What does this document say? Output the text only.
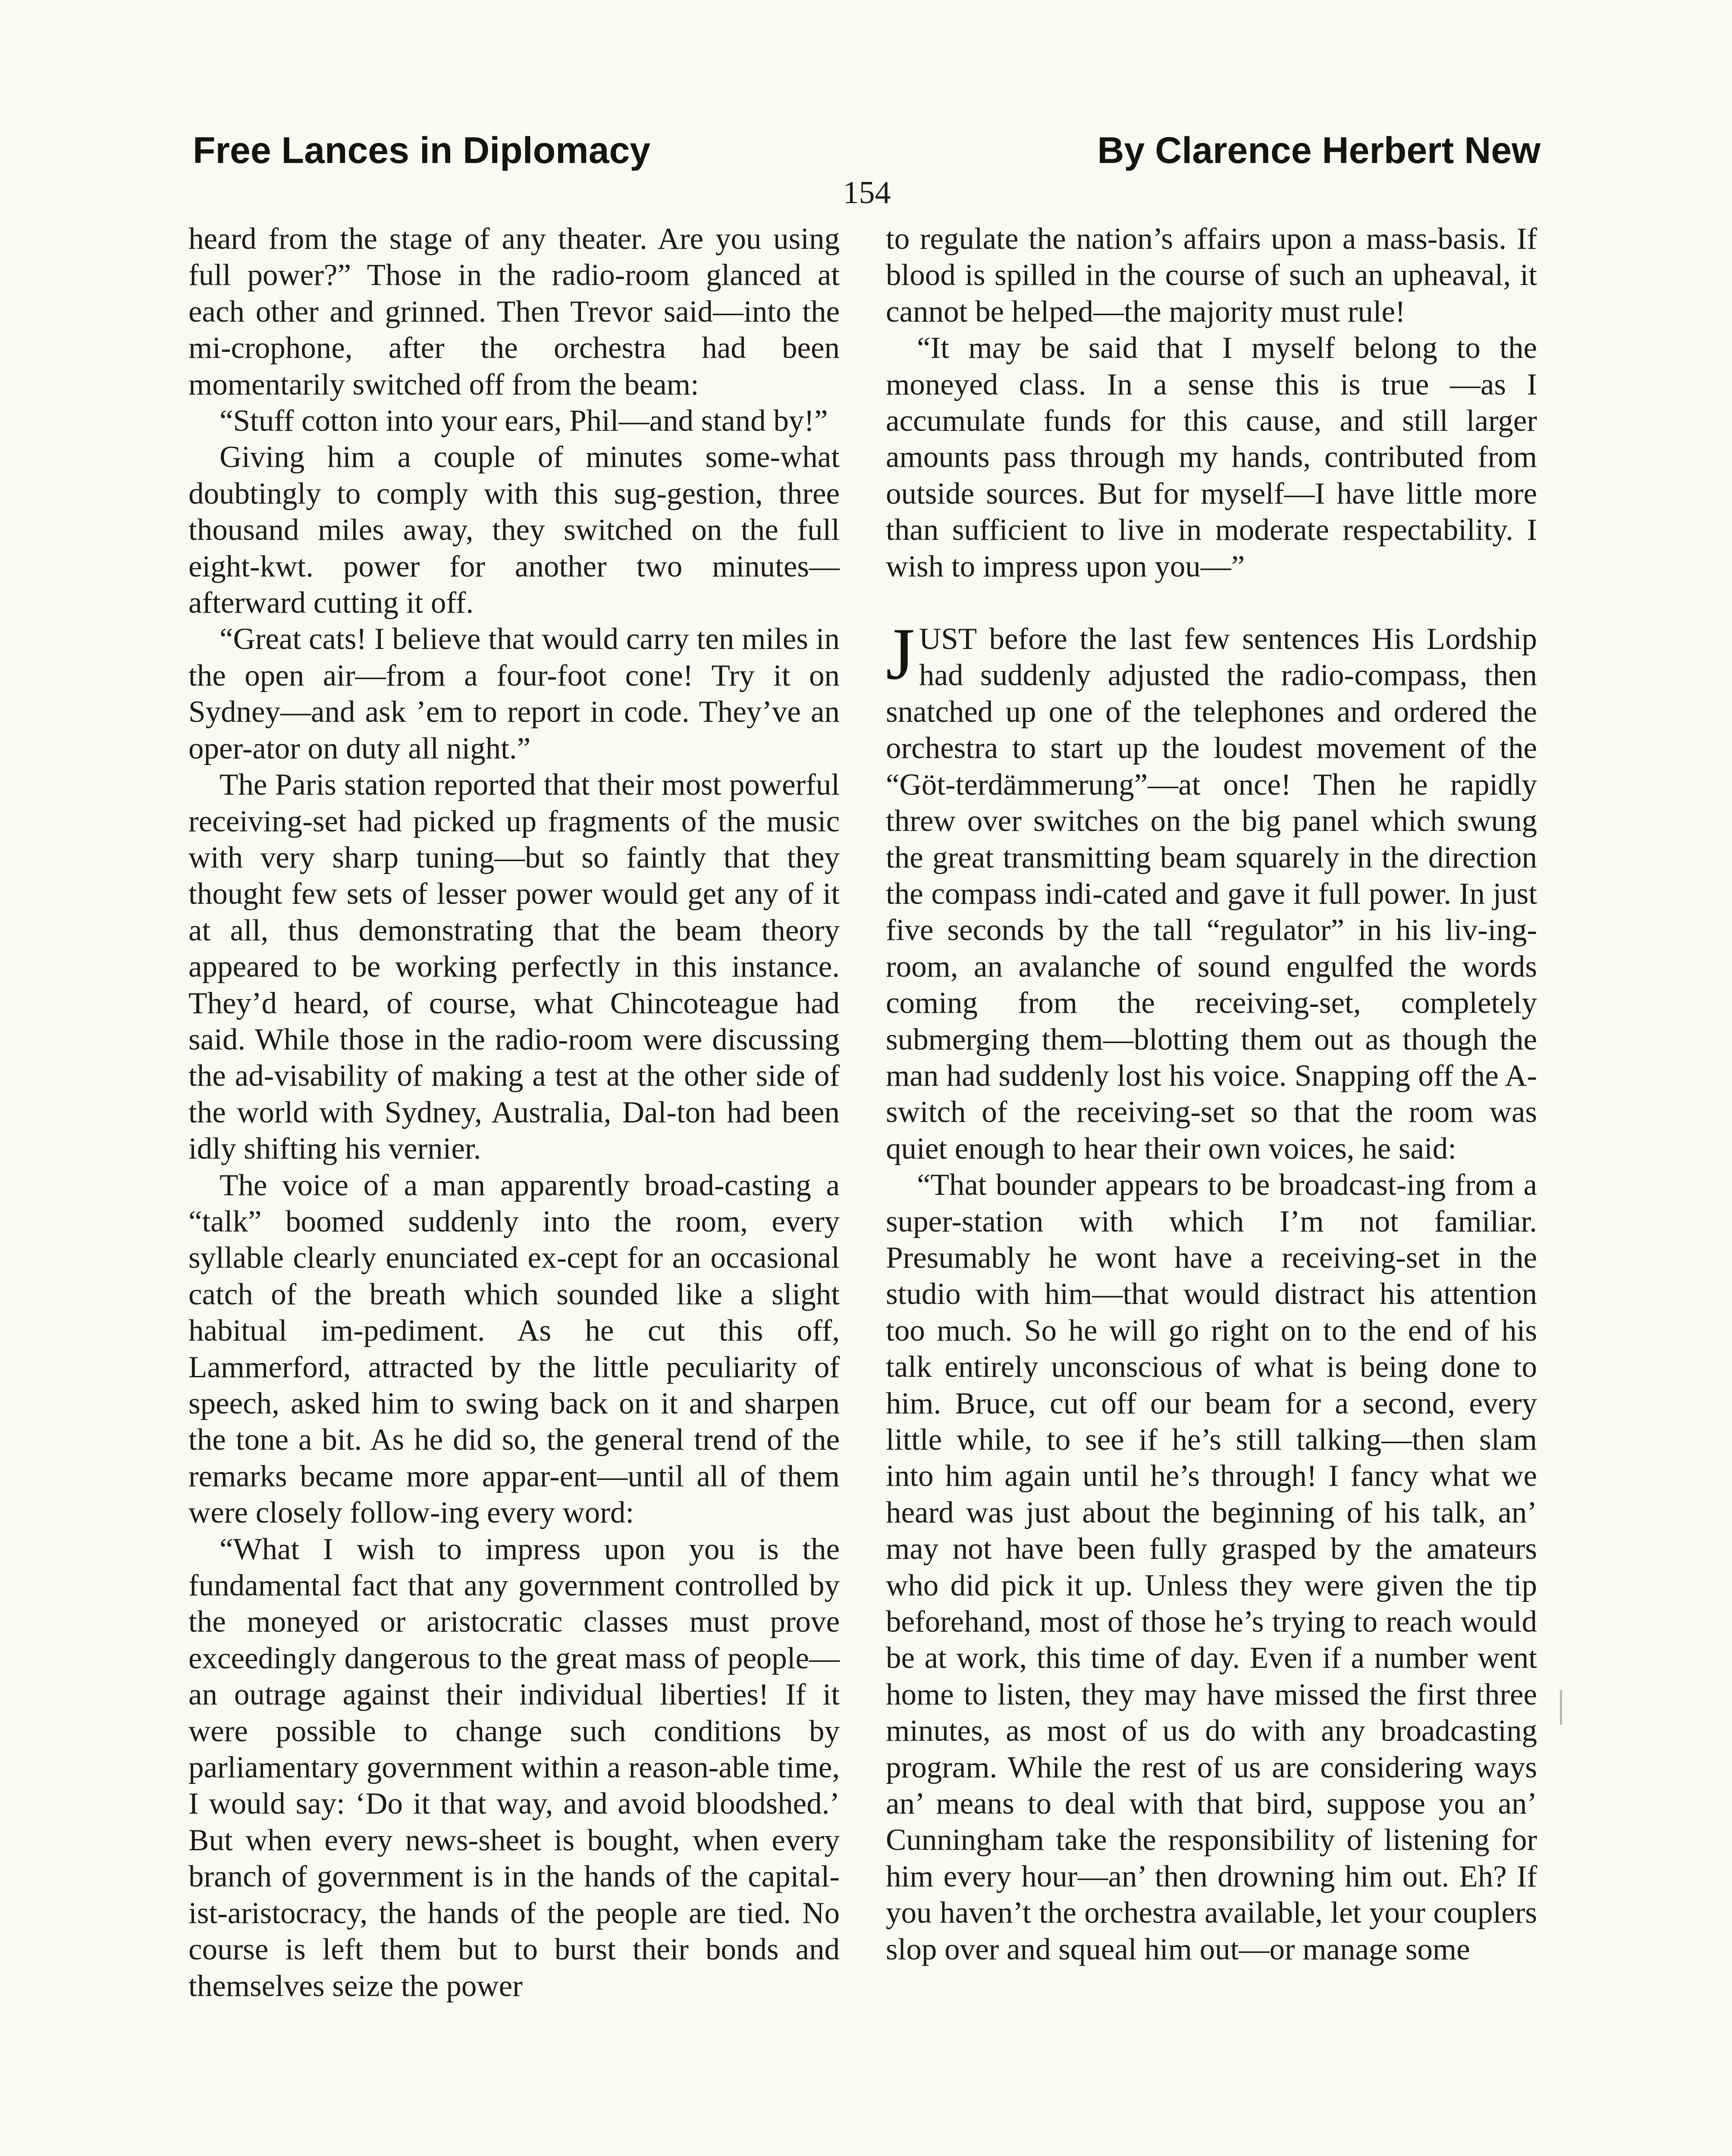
Free Lances in Diplomacy	By Clarence Herbert New
154

heard from the stage of any theater. Are you using full power?” Those in the radio-room glanced at each other and grinned. Then Trevor said—into the mi-crophone, after the orchestra had been momentarily switched off from the beam:

“Stuff cotton into your ears, Phil—and stand by!”

Giving him a couple of minutes some-what doubtingly to comply with this sug-gestion, three thousand miles away, they switched on the full eight-kwt. power for another two minutes—afterward cutting it off.

“Great cats! I believe that would carry ten miles in the open air—from a four-foot cone! Try it on Sydney—and ask ’em to report in code. They’ve an oper-ator on duty all night.”

The Paris station reported that their most powerful receiving-set had picked up fragments of the music with very sharp tuning—but so faintly that they thought few sets of lesser power would get any of it at all, thus demonstrating that the beam theory appeared to be working perfectly in this instance. They’d heard, of course, what Chincoteague had said. While those in the radio-room were discussing the ad-visability of making a test at the other side of the world with Sydney, Australia, Dal-ton had been idly shifting his vernier.

The voice of a man apparently broad-casting a “talk” boomed suddenly into the room, every syllable clearly enunciated ex-cept for an occasional catch of the breath which sounded like a slight habitual im-pediment. As he cut this off, Lammerford, attracted by the little peculiarity of speech, asked him to swing back on it and sharpen the tone a bit. As he did so, the general trend of the remarks became more appar-ent—until all of them were closely follow-ing every word:

“What I wish to impress upon you is the fundamental fact that any government controlled by the moneyed or aristocratic classes must prove exceedingly dangerous to the great mass of people—an outrage against their individual liberties! If it were possible to change such conditions by parliamentary government within a reason-able time, I would say: ‘Do it that way, and avoid bloodshed.’ But when every news-sheet is bought, when every branch of government is in the hands of the capital-ist-aristocracy, the hands of the people are tied. No course is left them but to burst their bonds and themselves seize the power

to regulate the nation’s affairs upon a mass-basis. If blood is spilled in the course of such an upheaval, it cannot be helped—the majority must rule!

“It may be said that I myself belong to the moneyed class. In a sense this is true —as I accumulate funds for this cause, and still larger amounts pass through my hands, contributed from outside sources. But for myself—I have little more than sufficient to live in moderate respectability. I wish to impress upon you—”

JUST before the last few sentences His Lordship had suddenly adjusted the radio-compass, then snatched up one of the telephones and ordered the orchestra to start up the loudest movement of the “Göt-terdämmerung”—at once! Then he rapidly threw over switches on the big panel which swung the great transmitting beam squarely in the direction the compass indi-cated and gave it full power. In just five seconds by the tall “regulator” in his liv-ing-room, an avalanche of sound engulfed the words coming from the receiving-set, completely submerging them—blotting them out as though the man had suddenly lost his voice. Snapping off the A-switch of the receiving-set so that the room was quiet enough to hear their own voices, he said:

“That bounder appears to be broadcast-ing from a super-station with which I’m not familiar. Presumably he wont have a receiving-set in the studio with him—that would distract his attention too much. So he will go right on to the end of his talk entirely unconscious of what is being done to him. Bruce, cut off our beam for a second, every little while, to see if he’s still talking—then slam into him again until he’s through! I fancy what we heard was just about the beginning of his talk, an’ may not have been fully grasped by the amateurs who did pick it up. Unless they were given the tip beforehand, most of those he’s trying to reach would be at work, this time of day. Even if a number went home to listen, they may have missed the first three minutes, as most of us do with any broadcasting program. While the rest of us are considering ways an’ means to deal with that bird, suppose you an’ Cunningham take the responsibility of listening for him every hour—an’ then drowning him out. Eh? If you haven’t the orchestra available, let your couplers slop over and squeal him out—or manage some
